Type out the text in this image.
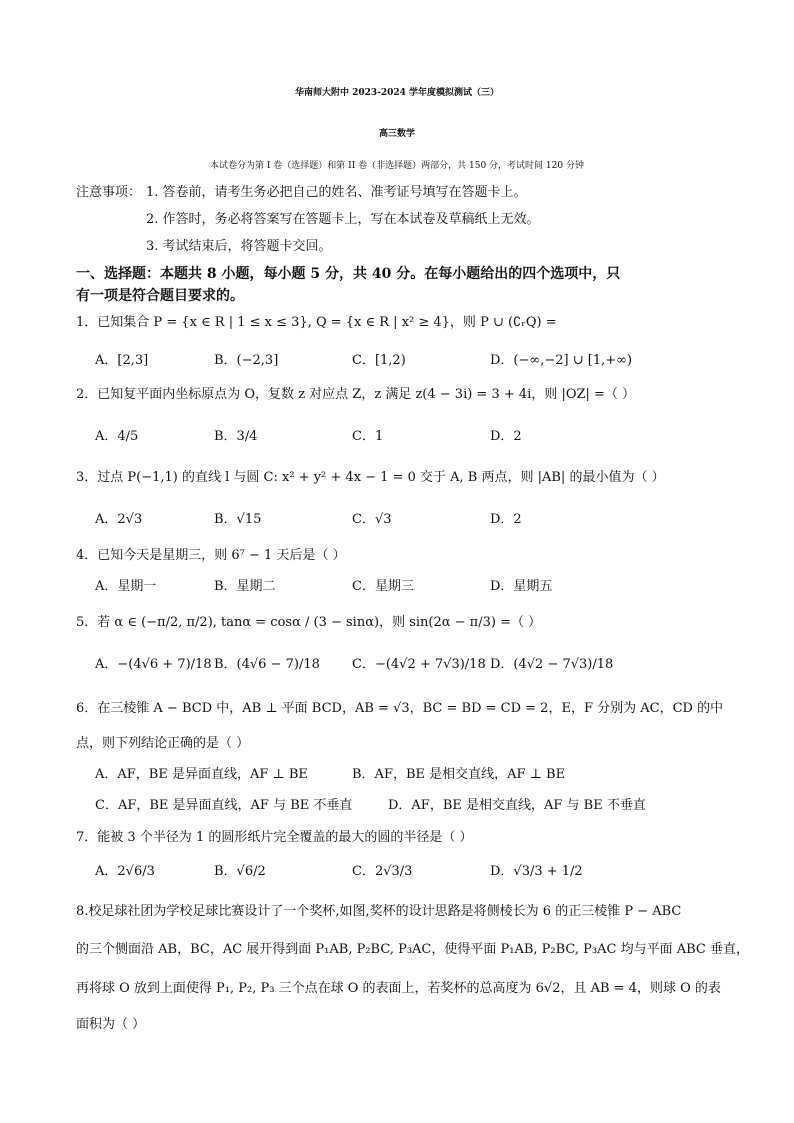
华南师大附中 2023-2024 学年度模拟测试（三）
高三数学
本试卷分为第 I 卷（选择题）和第 II 卷（非选择题）两部分，共 150 分，考试时间 120 分钟
注意事项： 1. 答卷前，请考生务必把自己的姓名、准考证号填写在答题卡上。
2. 作答时，务必将答案写在答题卡上，写在本试卷及草稿纸上无效。
3. 考试结束后，将答题卡交回。
一、选择题：本题共 8 小题，每小题 5 分，共 40 分。在每小题给出的四个选项中，只
有一项是符合题目要求的。
1．已知集合 P = {x ∈ R | 1 ≤ x ≤ 3}, Q = {x ∈ R | x² ≥ 4}，则 P ∪ (∁ᵣQ) =
A．[2,3]	B．(−2,3]	C．[1,2)	D．(−∞,−2] ∪ [1,+∞)
2．已知复平面内坐标原点为 O，复数 z 对应点 Z，z 满足 z(4 − 3i) = 3 + 4i，则 |OZ| =（ ）
A．4/5	B．3/4	C．1	D．2
3．过点 P(−1,1) 的直线 l 与圆 C: x² + y² + 4x − 1 = 0 交于 A, B 两点，则 |AB| 的最小值为（ ）
A．2√3	B．√15	C．√3	D．2
4．已知今天是星期三，则 6⁷ − 1 天后是（ ）
A．星期一	B．星期二	C．星期三	D．星期五
5．若 α ∈ (−π/2, π/2), tanα = cosα / (3 − sinα)，则 sin(2α − π/3) =（ ）
A．−(4√6 + 7)/18 B．(4√6 − 7)/18 C．−(4√2 + 7√3)/18 D．(4√2 − 7√3)/18
6．在三棱锥 A − BCD 中，AB ⊥ 平面 BCD，AB = √3，BC = BD = CD = 2，E，F 分别为 AC，CD 的中
点，则下列结论正确的是（ ）
A．AF，BE 是异面直线，AF ⊥ BE	B．AF，BE 是相交直线，AF ⊥ BE
C．AF，BE 是异面直线，AF 与 BE 不垂直	D．AF，BE 是相交直线，AF 与 BE 不垂直
7．能被 3 个半径为 1 的圆形纸片完全覆盖的最大的圆的半径是（ ）
A．2√6/3	B．√6/2	C．2√3/3	D．√3/3 + 1/2
8.校足球社团为学校足球比赛设计了一个奖杯,如图,奖杯的设计思路是将侧棱长为 6 的正三棱锥 P − ABC
的三个侧面沿 AB，BC，AC 展开得到面 P₁AB, P₂BC, P₃AC，使得平面 P₁AB, P₂BC, P₃AC 均与平面 ABC 垂直，
再将球 O 放到上面使得 P₁, P₂, P₃ 三个点在球 O 的表面上，若奖杯的总高度为 6√2，且 AB = 4，则球 O 的表
面积为（ ）
